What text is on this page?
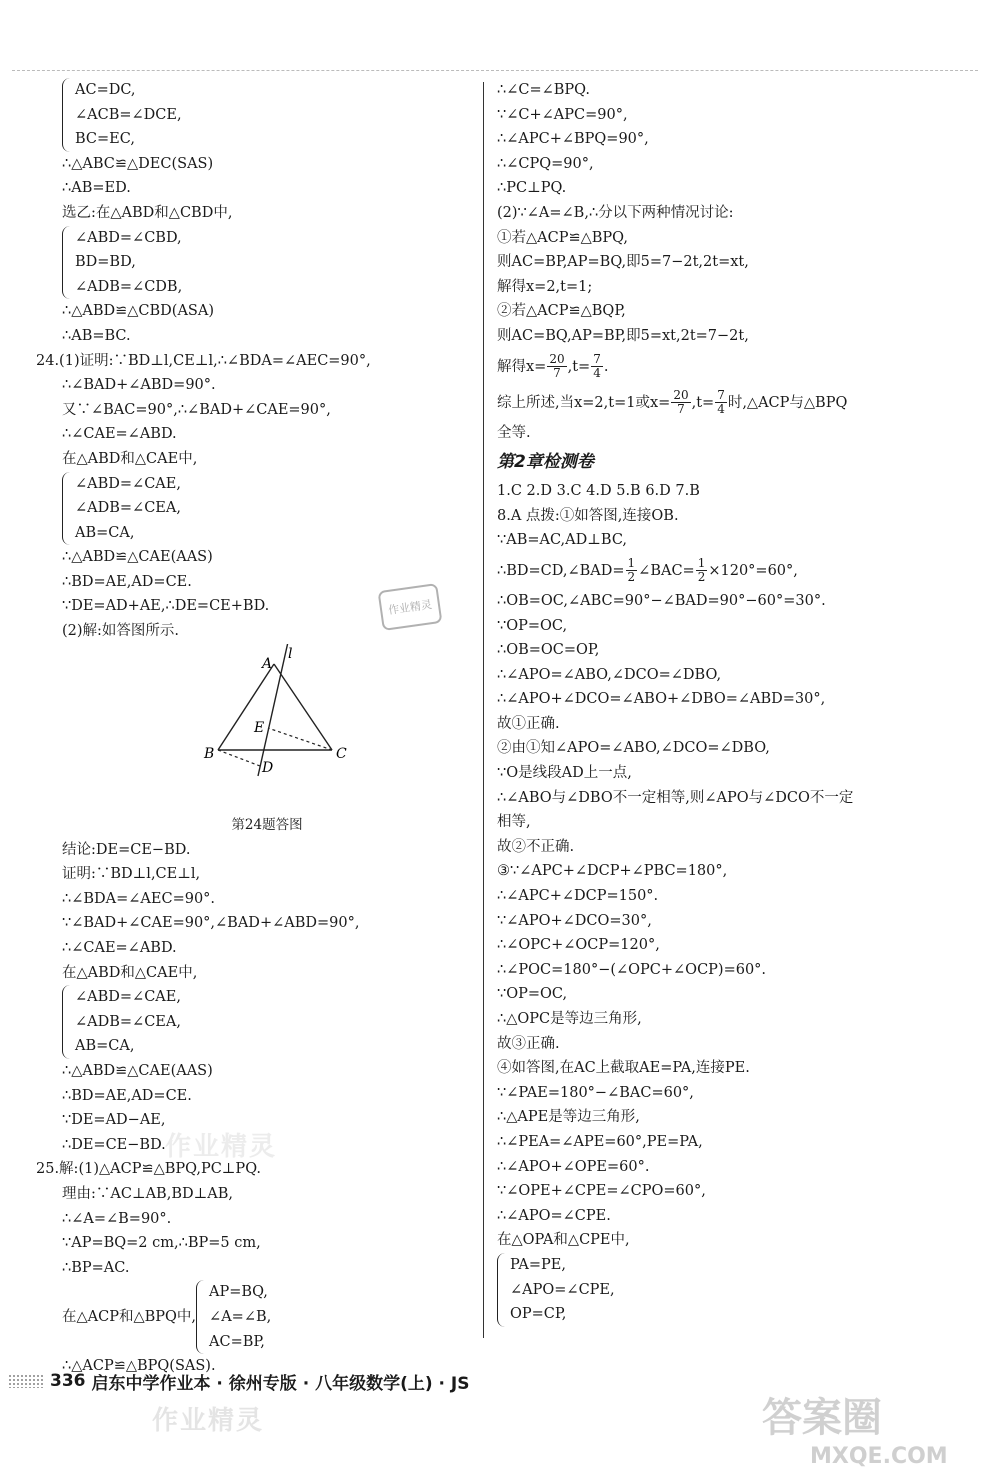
AC=DC,
∠ACB=∠DCE,
BC=EC,
∴△ABC≌△DEC(SAS)
∴AB=ED.
选乙:在△ABD和△CBD中,
∠ABD=∠CBD,
BD=BD,
∠ADB=∠CDB,
∴△ABD≌△CBD(ASA)
∴AB=BC.
24.(1)证明:∵BD⊥l,CE⊥l,∴∠BDA=∠AEC=90°,
∴∠BAD+∠ABD=90°.
又∵∠BAC=90°,∴∠BAD+∠CAE=90°,
∴∠CAE=∠ABD.
在△ABD和△CAE中,
∠ABD=∠CAE,
∠ADB=∠CEA,
AB=CA,
∴△ABD≌△CAE(AAS)
∴BD=AE,AD=CE.
∵DE=AD+AE,∴DE=CE+BD.
(2)解:如答图所示.
A
l
E
B
D
C
第24题答图
结论:DE=CE−BD.
证明:∵BD⊥l,CE⊥l,
∴∠BDA=∠AEC=90°.
∵∠BAD+∠CAE=90°,∠BAD+∠ABD=90°,
∴∠CAE=∠ABD.
在△ABD和△CAE中,
∠ABD=∠CAE,
∠ADB=∠CEA,
AB=CA,
∴△ABD≌△CAE(AAS)
∴BD=AE,AD=CE.
∵DE=AD−AE,
∴DE=CE−BD.
25.解:(1)△ACP≌△BPQ,PC⊥PQ.
理由:∵AC⊥AB,BD⊥AB,
∴∠A=∠B=90°.
∵AP=BQ=2 cm,∴BP=5 cm,
∴BP=AC.
在△ACP和△BPQ中,
AP=BQ,
∠A=∠B,
AC=BP,
∴△ACP≌△BPQ(SAS).
∴∠C=∠BPQ.
∵∠C+∠APC=90°,
∴∠APC+∠BPQ=90°,
∴∠CPQ=90°,
∴PC⊥PQ.
(2)∵∠A=∠B,∴分以下两种情况讨论:
①若△ACP≌△BPQ,
则AC=BP,AP=BQ,即5=7−2t,2t=xt,
解得x=2,t=1;
②若△ACP≌△BQP,
则AC=BQ,AP=BP,即5=xt,2t=7−2t,
解得$x= \frac{20}{7} ,t= \frac{7}{4}$ .
综上所述,当x=2,t=1或$x= \frac{20}{7} ,t= \frac{7}{4}$ 时,△ACP与△BPQ
全等.
第2章检测卷
1.C 2.D 3.C 4.D 5.B 6.D 7.B
8.A 点拨:①如答图,连接OB.
∵AB=AC,AD⊥BC,
∴BD=CD,∠BAD= $\frac{1}{2}$ ∠BAC= $\frac{1}{2} \times 120^\circ=60^\circ$,
∴OB=OC,∠ABC=90°−∠BAD=90°−60°=30°.
∵OP=OC,
∴OB=OC=OP,
∴∠APO=∠ABO,∠DCO=∠DBO,
∴∠APO+∠DCO=∠ABO+∠DBO=∠ABD=30°,
故①正确.
②由①知∠APO=∠ABO,∠DCO=∠DBO,
∵O是线段AD上一点,
∴∠ABO与∠DBO不一定相等,则∠APO与∠DCO不一定
相等,
故②不正确.
③∵∠APC+∠DCP+∠PBC=180°,
∴∠APC+∠DCP=150°.
∵∠APO+∠DCO=30°,
∴∠OPC+∠OCP=120°,
∴∠POC=180°−(∠OPC+∠OCP)=60°.
∵OP=OC,
∴△OPC是等边三角形,
故③正确.
④如答图,在AC上截取AE=PA,连接PE.
∵∠PAE=180°−∠BAC=60°,
∴△APE是等边三角形,
∴∠PEA=∠APE=60°,PE=PA,
∴∠APO+∠OPE=60°.
∵∠OPE+∠CPE=∠CPO=60°,
∴∠APO=∠CPE.
在△OPA和△CPE中,
PA=PE,
∠APO=∠CPE,
OP=CP,
作业精灵
作业精灵
作业精灵
336 启东中学作业本 · 徐州专版 · 八年级数学(上) · JS
答案圈
MXQE.COM
